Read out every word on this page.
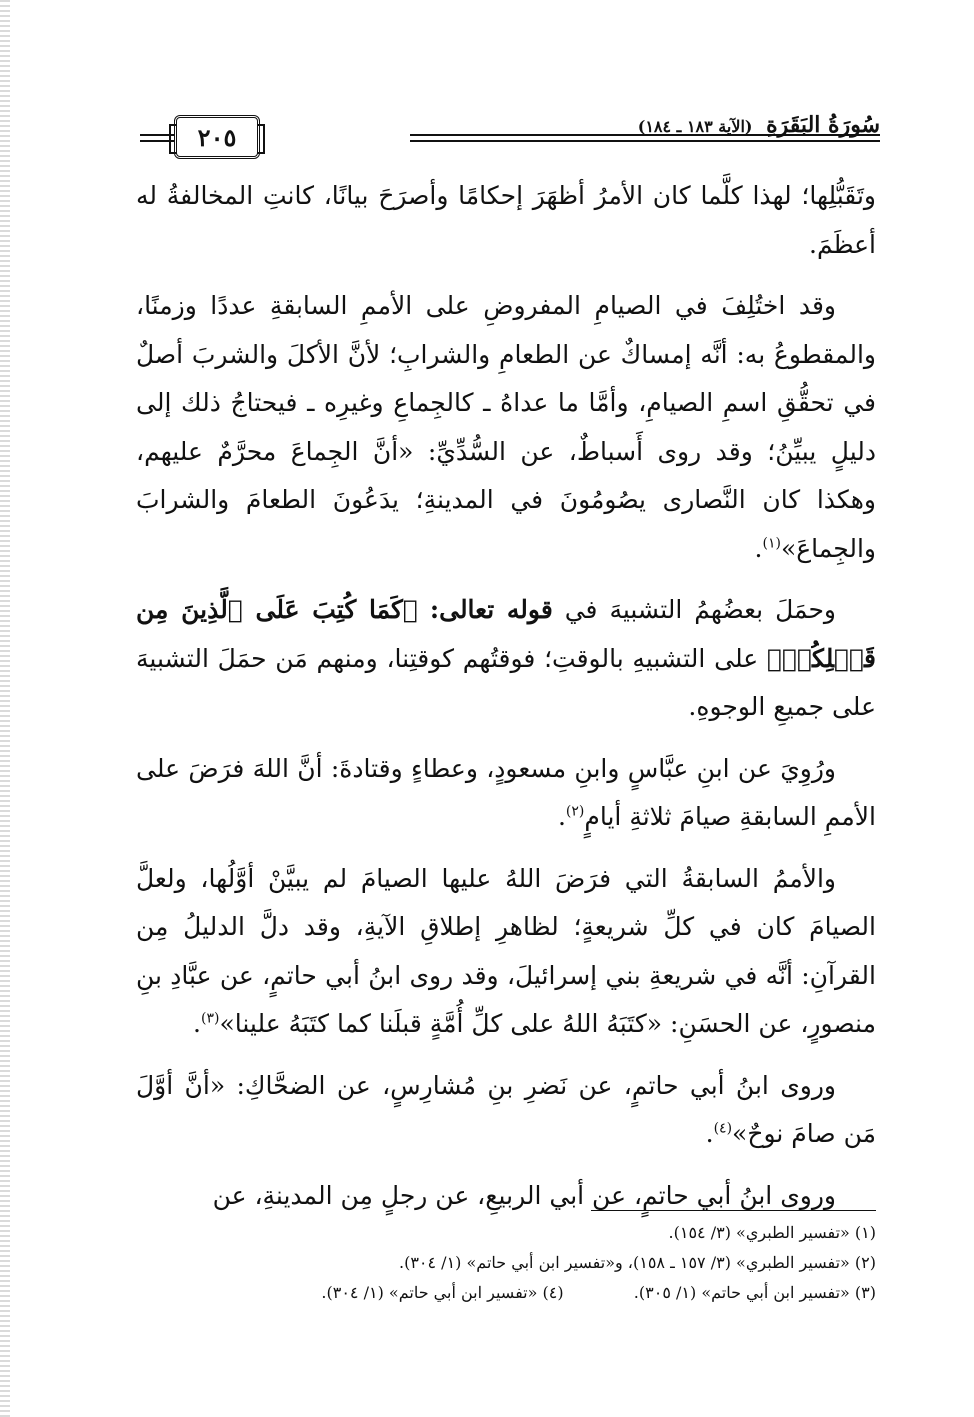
سُورَةُ البَقَرَةِ (الآية ١٨٣ ـ ١٨٤)
٢٠٥

وتَقَبُّلِها؛ لهذا كلَّما كان الأمرُ أظهَرَ إحكامًا وأصرَحَ بيانًا، كانتِ المخالفةُ له أعظَمَ.

وقد اختُلِفَ في الصيامِ المفروضِ على الأممِ السابقةِ عددًا وزمنًا، والمقطوعُ به: أنَّه إمساكٌ عن الطعامِ والشرابِ؛ لأنَّ الأكلَ والشربَ أصلٌ في تحقُّقِ اسمِ الصيامِ، وأمَّا ما عداهُ ـ كالجِماعِ وغيرِه ـ فيحتاجُ ذلك إلى دليلٍ يبيِّنُ؛ وقد روى أَسباطٌ، عن السُّدِّيِّ: «أنَّ الجِماعَ محرَّمٌ عليهم، وهكذا كان النَّصارى يصُومُونَ في المدينةِ؛ يدَعُونَ الطعامَ والشرابَ والجِماعَ»$^{(١)}$.

وحمَلَ بعضُهمُ التشبيهَ في قوله تعالى: ﴿كَمَا كُتِبَ عَلَى ٱلَّذِينَ مِن قَبۡلِكُمۡ﴾ على التشبيهِ بالوقتِ؛ فوقتُهم كوقتِنا، ومنهم مَن حمَلَ التشبيهَ على جميعِ الوجوهِ.

ورُوِيَ عن ابنِ عبَّاسٍ وابنِ مسعودٍ، وعطاءٍ وقتادةَ: أنَّ اللهَ فرَضَ على الأممِ السابقةِ صيامَ ثلاثةِ أيامٍ$^{(٢)}$.

والأممُ السابقةُ التي فرَضَ اللهُ عليها الصيامَ لم يبيَّنْ أوَّلُها، ولعلَّ الصيامَ كان في كلِّ شريعةٍ؛ لظاهرِ إطلاقِ الآيةِ، وقد دلَّ الدليلُ مِن القرآنِ: أنَّه في شريعةِ بني إسرائيلَ، وقد روى ابنُ أبي حاتمٍ، عن عبَّادِ بنِ منصورٍ، عن الحسَنِ: «كتَبَهُ اللهُ على كلِّ أُمَّةٍ قبلَنا كما كتَبَهُ علينا»$^{(٣)}$.

وروى ابنُ أبي حاتمٍ، عن نَضرِ بنِ مُشارِسٍ، عن الضحَّاكِ: «أنَّ أوَّلَ مَن صامَ نوحٌ»$^{(٤)}$.

وروى ابنُ أبي حاتمٍ، عن أبي الربيعِ، عن رجلٍ مِن المدينةِ، عن

(١) «تفسير الطبري» (٣/ ١٥٤).
(٢) «تفسير الطبري» (٣/ ١٥٧ ـ ١٥٨)، و«تفسير ابن أبي حاتم» (١/ ٣٠٤).
(٣) «تفسير ابن أبي حاتم» (١/ ٣٠٥).  (٤) «تفسير ابن أبي حاتم» (١/ ٣٠٤).
